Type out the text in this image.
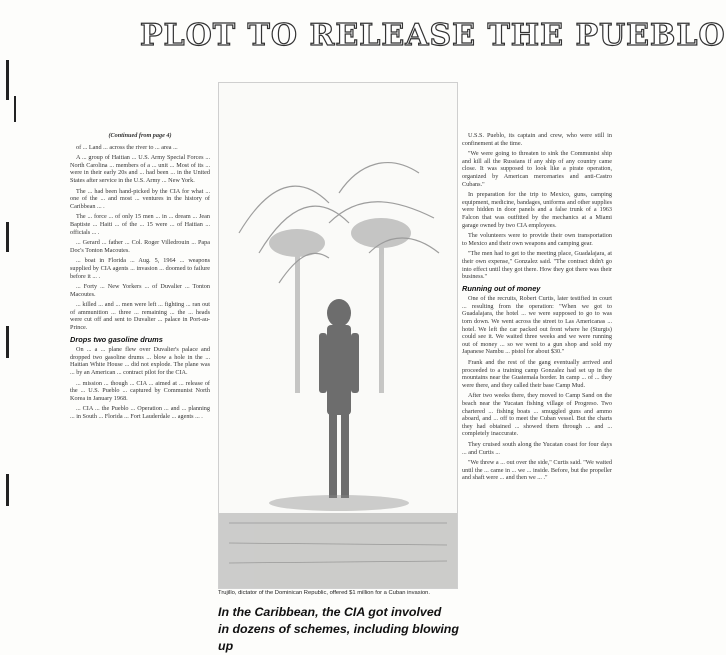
PLOT TO RELEASE THE PUEBLO

(Continued from page 4)

of ... Land ... across the river to ... area ...

A ... group of Haitian ... U.S. Army Special Forces ... North Carolina ... members of a ... unit ... Most of its ... were in their early 20s and ... had been ... in the United States after service in the U.S. Army ... New York.

The ... had been hand-picked by the CIA for what ... one of the ... and most ... ventures in the history of Caribbean ... .

The ... force ... of only 15 men ... in ... dream ... Jean Baptiste ... Haiti ... of the ... 15 were ... of Haitian ... officials ... .

... Gerard ... father ... Col. Roger Villedrouin ... Papa Doc's Tonton Macoutes.

... boat in Florida ... Aug. 5, 1964 ... weapons supplied by CIA agents ... invasion ... doomed to failure before it ... .

... Forty ... New Yorkers ... of Duvalier ... Tonton Macoutes.

... killed ... and ... men were left ... fighting ... ran out of ammunition ... three ... remaining ... the ... heads were cut off and sent to Duvalier ... palace in Port-au-Prince.

Drops two gasoline drums

On ... a ... plane flew over Duvalier's palace and dropped two gasoline drums ... blow a hole in the ... Haitian White House ... did not explode. The plane was ... by an American ... contract pilot for the CIA.

... mission ... though ... CIA ... aimed at ... release of the ... U.S. Pueblo ... captured by Communist North Korea in January 1968.

... CIA ... the Pueblo ... Operation ... and ... planning ... in South ... Florida ... Fort Lauderdale ... agents ... .

Trujillo, dictator of the Dominican Republic, offered $1 million for a Cuban invasion.

U.S.S. Pueblo, its captain and crew, who were still in confinement at the time.

"We were going to threaten to sink the Communist ship and kill all the Russians if any ship of any country came close. It was supposed to look like a pirate operation, organized by American mercenaries and anti-Castro Cubans."

In preparation for the trip to Mexico, guns, camping equipment, medicine, bandages, uniforms and other supplies were hidden in door panels and a false trunk of a 1963 Falcon that was outfitted by the mechanics at a Miami garage owned by two CIA employees.

The volunteers were to provide their own transportation to Mexico and their own weapons and camping gear.

"The men had to get to the meeting place, Guadalajara, at their own expense," Gonzalez said. "The contract didn't go into effect until they got there. How they got there was their business."

Running out of money

One of the recruits, Robert Curtis, later testified in court ... resulting from the operation: "When we got to Guadalajara, the hotel ... we were supposed to go to was torn down. We went across the street to Las Americanas ... hotel. We left the car packed out front where he (Sturgis) could see it. We waited three weeks and we were running out of money ... so we went to a gun shop and sold my Japanese Nambu ... pistol for about $30."

Frank and the rest of the gang eventually arrived and proceeded to a training camp Gonzalez had set up in the mountains near the Guatemala border. In camp ... of ... they were there, and they called their base Camp Mud.

After two weeks there, they moved to Camp Sand on the beach near the Yucatan fishing village of Progreso. Two chartered ... fishing boats ... smuggled guns and ammo aboard, and ... off to meet the Cuban vessel. But the charts they had obtained ... showed them through ... and ... completely inaccurate.

They cruised south along the Yucatan coast for four days ... and Curtis ...

"We threw a ... out over the side," Curtis said. "We waited until the ... came in ... we ... inside. Before, but the propeller and shaft were ... and then we ... ."

In the Caribbean, the CIA got involved
in dozens of schemes, including blowing up
